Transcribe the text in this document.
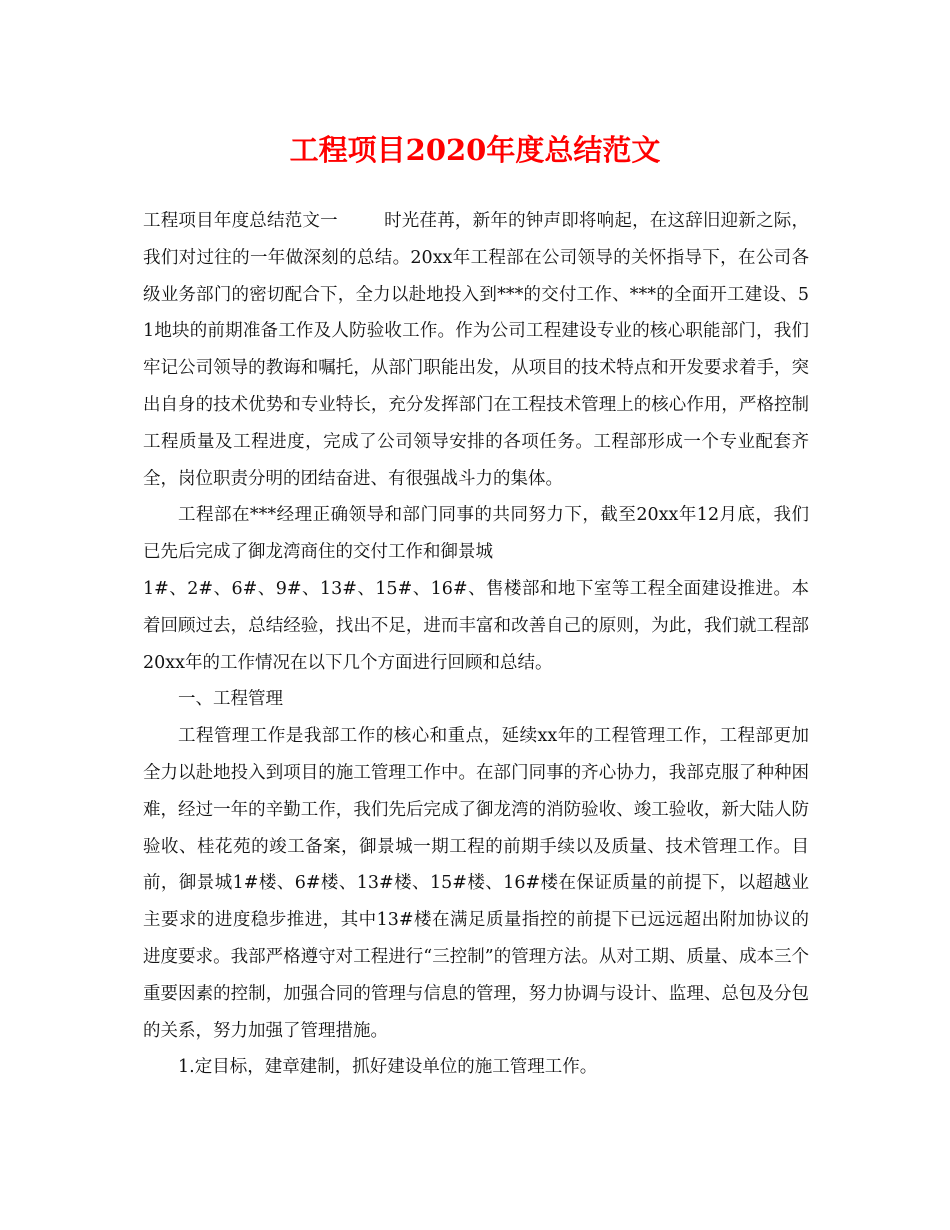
工程项目2020年度总结范文

工程项目年度总结范文一	时光荏苒，新年的钟声即将响起，在这辞旧迎新之际，我们对过往的一年做深刻的总结。20xx年工程部在公司领导的关怀指导下，在公司各级业务部门的密切配合下，全力以赴地投入到***的交付工作、***的全面开工建设、51地块的前期准备工作及人防验收工作。作为公司工程建设专业的核心职能部门，我们牢记公司领导的教诲和嘱托，从部门职能出发，从项目的技术特点和开发要求着手，突出自身的技术优势和专业特长，充分发挥部门在工程技术管理上的核心作用，严格控制工程质量及工程进度，完成了公司领导安排的各项任务。工程部形成一个专业配套齐全，岗位职责分明的团结奋进、有很强战斗力的集体。

工程部在***经理正确领导和部门同事的共同努力下，截至20xx年12月底，我们已先后完成了御龙湾商住的交付工作和御景城

1#、2#、6#、9#、13#、15#、16#、售楼部和地下室等工程全面建设推进。本着回顾过去，总结经验，找出不足，进而丰富和改善自己的原则，为此，我们就工程部20xx年的工作情况在以下几个方面进行回顾和总结。

一、工程管理

工程管理工作是我部工作的核心和重点，延续xx年的工程管理工作，工程部更加全力以赴地投入到项目的施工管理工作中。在部门同事的齐心协力，我部克服了种种困难，经过一年的辛勤工作，我们先后完成了御龙湾的消防验收、竣工验收，新大陆人防验收、桂花苑的竣工备案，御景城一期工程的前期手续以及质量、技术管理工作。目前，御景城1#楼、6#楼、13#楼、15#楼、16#楼在保证质量的前提下，以超越业主要求的进度稳步推进，其中13#楼在满足质量指控的前提下已远远超出附加协议的进度要求。我部严格遵守对工程进行“三控制”的管理方法。从对工期、质量、成本三个重要因素的控制，加强合同的管理与信息的管理，努力协调与设计、监理、总包及分包的关系，努力加强了管理措施。

1.定目标，建章建制，抓好建设单位的施工管理工作。
